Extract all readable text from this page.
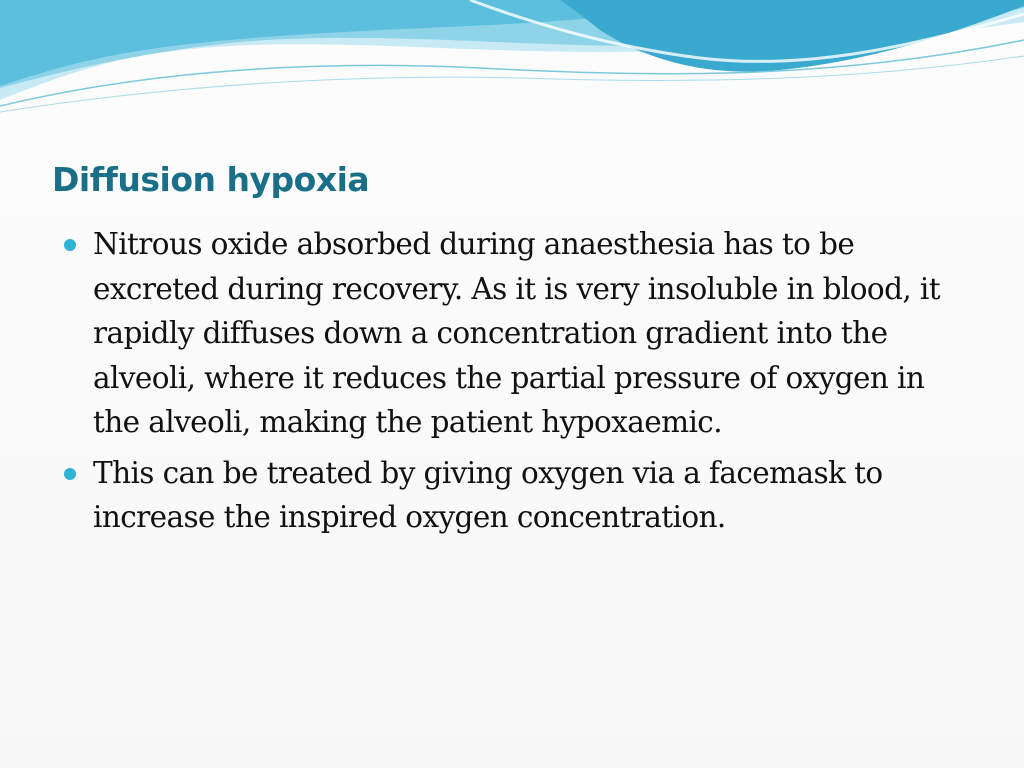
Diffusion hypoxia
Nitrous oxide absorbed during anaesthesia has to be excreted during recovery. As it is very insoluble in blood, it rapidly diffuses down a concentration gradient into the alveoli, where it reduces the partial pressure of oxygen in the alveoli, making the patient hypoxaemic.
This can be treated by giving oxygen via a facemask to increase the inspired oxygen concentration.
